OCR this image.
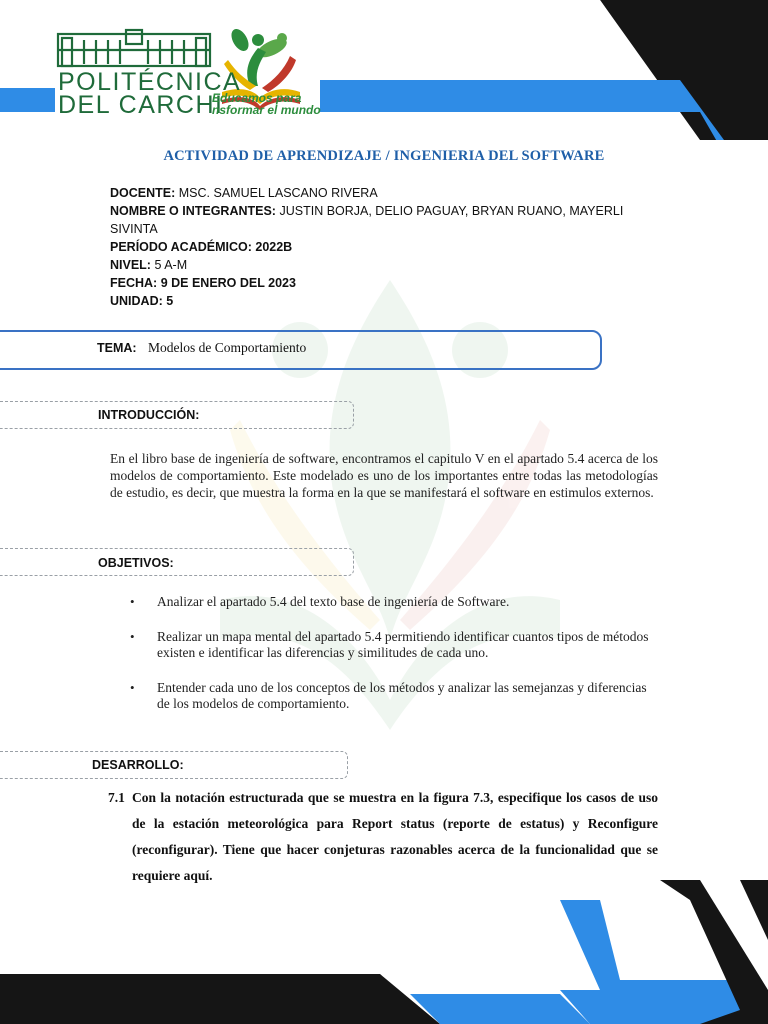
POLITÉCNICA
DEL CARCHI
Educamos para
nsformar el mundo
ACTIVIDAD DE APRENDIZAJE / INGENIERIA DEL SOFTWARE
DOCENTE: MSC. SAMUEL LASCANO RIVERA
NOMBRE O INTEGRANTES: JUSTIN BORJA, DELIO PAGUAY, BRYAN RUANO, MAYERLI SIVINTA
PERÍODO ACADÉMICO: 2022B
NIVEL: 5 A-M
FECHA: 9 DE ENERO DEL 2023
UNIDAD: 5
TEMA: Modelos de Comportamiento
INTRODUCCIÓN:
En el libro base de ingeniería de software, encontramos el capitulo V en el apartado 5.4 acerca de los modelos de comportamiento. Este modelado es uno de los importantes entre todas las metodologías de estudio, es decir, que muestra la forma en la que se manifestará el software en estimulos externos.
OBJETIVOS:
• Analizar el apartado 5.4 del texto base de ingeniería de Software.
• Realizar un mapa mental del apartado 5.4 permitiendo identificar cuantos tipos de métodos existen e identificar las diferencias y similitudes de cada uno.
• Entender cada uno de los conceptos de los métodos y analizar las semejanzas y diferencias de los modelos de comportamiento.
DESARROLLO:
7.1 Con la notación estructurada que se muestra en la figura 7.3, especifique los casos de uso de la estación meteorológica para Report status (reporte de estatus) y Reconfigure (reconfigurar). Tiene que hacer conjeturas razonables acerca de la funcionalidad que se requiere aquí.
